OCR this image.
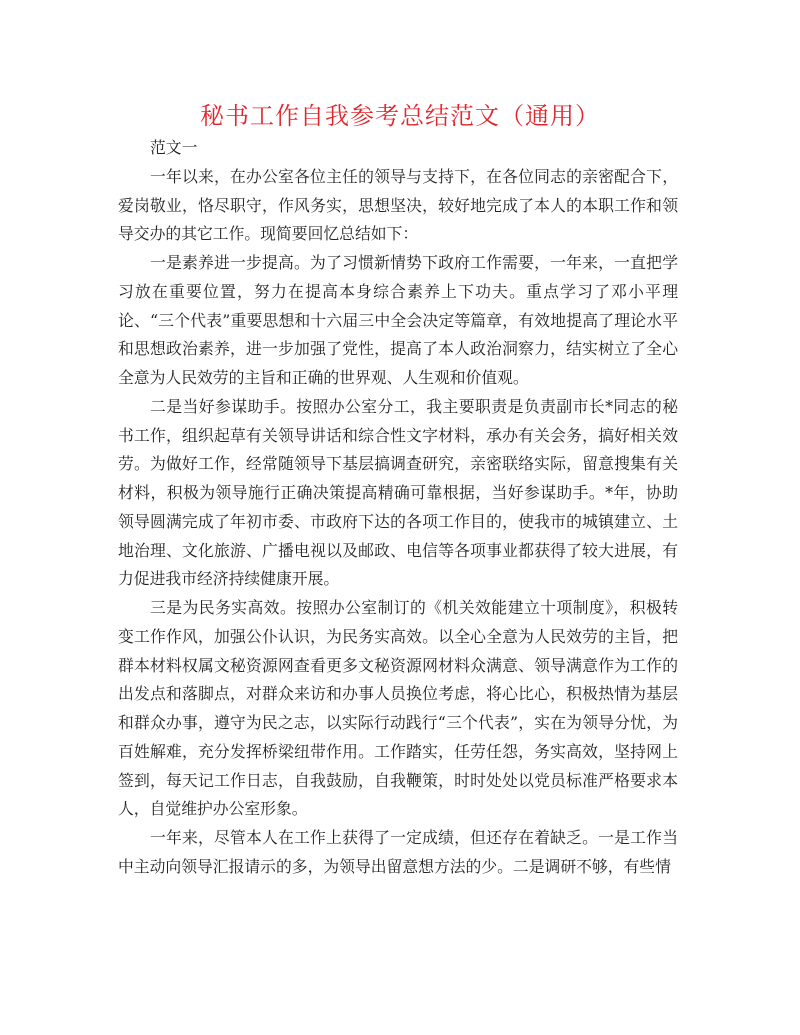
秘书工作自我参考总结范文（通用）

范文一

一年以来，在办公室各位主任的领导与支持下，在各位同志的亲密配合下，爱岗敬业，恪尽职守，作风务实，思想坚决，较好地完成了本人的本职工作和领导交办的其它工作。现简要回忆总结如下：

一是素养进一步提高。为了习惯新情势下政府工作需要，一年来，一直把学习放在重要位置，努力在提高本身综合素养上下功夫。重点学习了邓小平理论、“三个代表”重要思想和十六届三中全会决定等篇章，有效地提高了理论水平和思想政治素养，进一步加强了党性，提高了本人政治洞察力，结实树立了全心全意为人民效劳的主旨和正确的世界观、人生观和价值观。

二是当好参谋助手。按照办公室分工，我主要职责是负责副市长*同志的秘书工作，组织起草有关领导讲话和综合性文字材料，承办有关会务，搞好相关效劳。为做好工作，经常随领导下基层搞调查研究，亲密联络实际，留意搜集有关材料，积极为领导施行正确决策提高精确可靠根据，当好参谋助手。*年，协助领导圆满完成了年初市委、市政府下达的各项工作目的，使我市的城镇建立、土地治理、文化旅游、广播电视以及邮政、电信等各项事业都获得了较大进展，有力促进我市经济持续健康开展。

三是为民务实高效。按照办公室制订的《机关效能建立十项制度》，积极转变工作作风，加强公仆认识，为民务实高效。以全心全意为人民效劳的主旨，把群本材料权属文秘资源网查看更多文秘资源网材料众满意、领导满意作为工作的出发点和落脚点，对群众来访和办事人员换位考虑，将心比心，积极热情为基层和群众办事，遵守为民之志，以实际行动践行“三个代表”，实在为领导分忧，为百姓解难，充分发挥桥梁纽带作用。工作踏实，任劳任怨，务实高效，坚持网上签到，每天记工作日志，自我鼓励，自我鞭策，时时处处以党员标准严格要求本人，自觉维护办公室形象。

一年来，尽管本人在工作上获得了一定成绩，但还存在着缺乏。一是工作当中主动向领导汇报请示的多，为领导出留意想方法的少。二是调研不够，有些情
